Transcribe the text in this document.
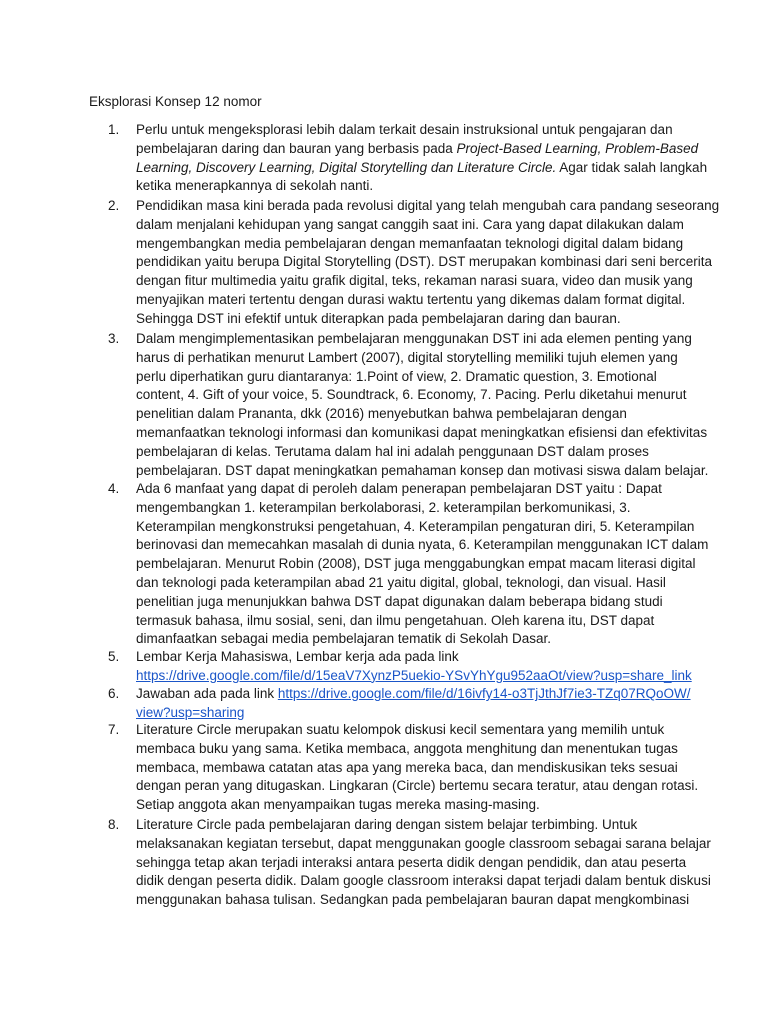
Eksplorasi Konsep 12 nomor
1.	Perlu untuk mengeksplorasi lebih dalam terkait desain instruksional untuk pengajaran dan
pembelajaran daring dan bauran yang berbasis pada Project-Based Learning, Problem-Based
Learning, Discovery Learning, Digital Storytelling dan Literature Circle. Agar tidak salah langkah
ketika menerapkannya di sekolah nanti.
2.	Pendidikan masa kini berada pada revolusi digital yang telah mengubah cara pandang seseorang
dalam menjalani kehidupan yang sangat canggih saat ini. Cara yang dapat dilakukan dalam
mengembangkan media pembelajaran dengan memanfaatan teknologi digital dalam bidang
pendidikan yaitu berupa Digital Storytelling (DST). DST merupakan kombinasi dari seni bercerita
dengan fitur multimedia yaitu grafik digital, teks, rekaman narasi suara, video dan musik yang
menyajikan materi tertentu dengan durasi waktu tertentu yang dikemas dalam format digital.
Sehingga DST ini efektif untuk diterapkan pada pembelajaran daring dan bauran.
3.	Dalam mengimplementasikan pembelajaran menggunakan DST ini ada elemen penting yang
harus di perhatikan menurut Lambert (2007), digital storytelling memiliki tujuh elemen yang
perlu diperhatikan guru diantaranya: 1.Point of view, 2. Dramatic question, 3. Emotional
content, 4. Gift of your voice, 5. Soundtrack, 6. Economy, 7. Pacing. Perlu diketahui menurut
penelitian dalam Prananta, dkk (2016) menyebutkan bahwa pembelajaran dengan
memanfaatkan teknologi informasi dan komunikasi dapat meningkatkan efisiensi dan efektivitas
pembelajaran di kelas. Terutama dalam hal ini adalah penggunaan DST dalam proses
pembelajaran. DST dapat meningkatkan pemahaman konsep dan motivasi siswa dalam belajar.
4.	Ada 6 manfaat yang dapat di peroleh dalam penerapan pembelajaran DST yaitu : Dapat
mengembangkan 1. keterampilan berkolaborasi, 2. keterampilan berkomunikasi, 3.
Keterampilan mengkonstruksi pengetahuan, 4. Keterampilan pengaturan diri, 5. Keterampilan
berinovasi dan memecahkan masalah di dunia nyata, 6. Keterampilan menggunakan ICT dalam
pembelajaran. Menurut Robin (2008), DST juga menggabungkan empat macam literasi digital
dan teknologi pada keterampilan abad 21 yaitu digital, global, teknologi, dan visual. Hasil
penelitian juga menunjukkan bahwa DST dapat digunakan dalam beberapa bidang studi
termasuk bahasa, ilmu sosial, seni, dan ilmu pengetahuan. Oleh karena itu, DST dapat
dimanfaatkan sebagai media pembelajaran tematik di Sekolah Dasar.
5.	Lembar Kerja Mahasiswa, Lembar kerja ada pada link
https://drive.google.com/file/d/15eaV7XynzP5uekio-YSvYhYgu952aaOt/view?usp=share_link
6.	Jawaban ada pada link https://drive.google.com/file/d/16ivfy14-o3TjJthJf7ie3-TZq07RQoOW/
view?usp=sharing
7.	Literature Circle merupakan suatu kelompok diskusi kecil sementara yang memilih untuk
membaca buku yang sama. Ketika membaca, anggota menghitung dan menentukan tugas
membaca, membawa catatan atas apa yang mereka baca, dan mendiskusikan teks sesuai
dengan peran yang ditugaskan. Lingkaran (Circle) bertemu secara teratur, atau dengan rotasi.
Setiap anggota akan menyampaikan tugas mereka masing-masing.
8.	Literature Circle pada pembelajaran daring dengan sistem belajar terbimbing. Untuk
melaksanakan kegiatan tersebut, dapat menggunakan google classroom sebagai sarana belajar
sehingga tetap akan terjadi interaksi antara peserta didik dengan pendidik, dan atau peserta
didik dengan peserta didik. Dalam google classroom interaksi dapat terjadi dalam bentuk diskusi
menggunakan bahasa tulisan. Sedangkan pada pembelajaran bauran dapat mengkombinasi
